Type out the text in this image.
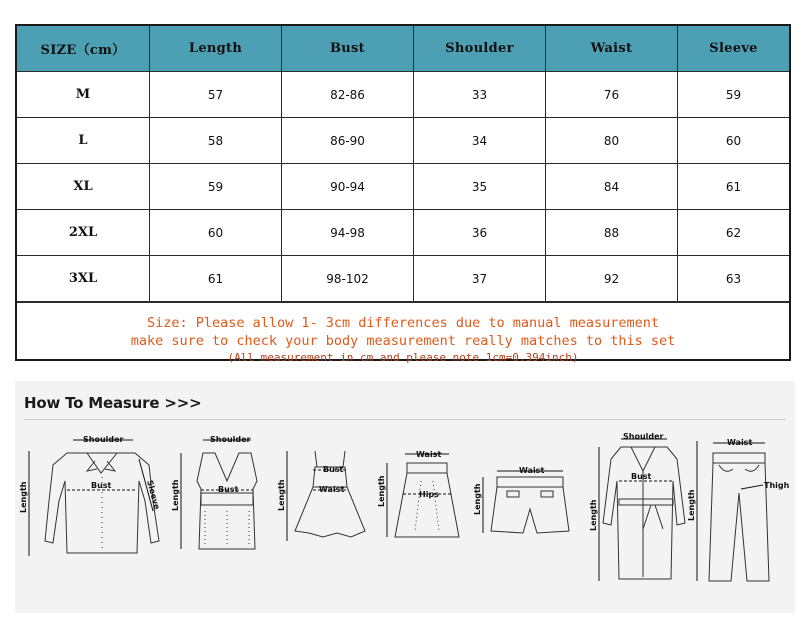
SIZE（cm）	Length	Bust	Shoulder	Waist	Sleeve
M	57	82-86	33	76	59
L	58	86-90	34	80	60
XL	59	90-94	35	84	61
2XL	60	94-98	36	88	62
3XL	61	98-102	37	92	63
Size: Please allow 1- 3cm differences due to manual measurement
make sure to check your body measurement really matches to this set
(All measurement in cm and please note 1cm=0.394inch)
How To Measure >>>
Shoulder
Bust	Sleeve
Length
Shoulder
Bust
Length
Bust
Waist
Length
Waist
Hips
Length
Waist
Length
Shoulder
Bust
Length
Waist
Thigh
Length
